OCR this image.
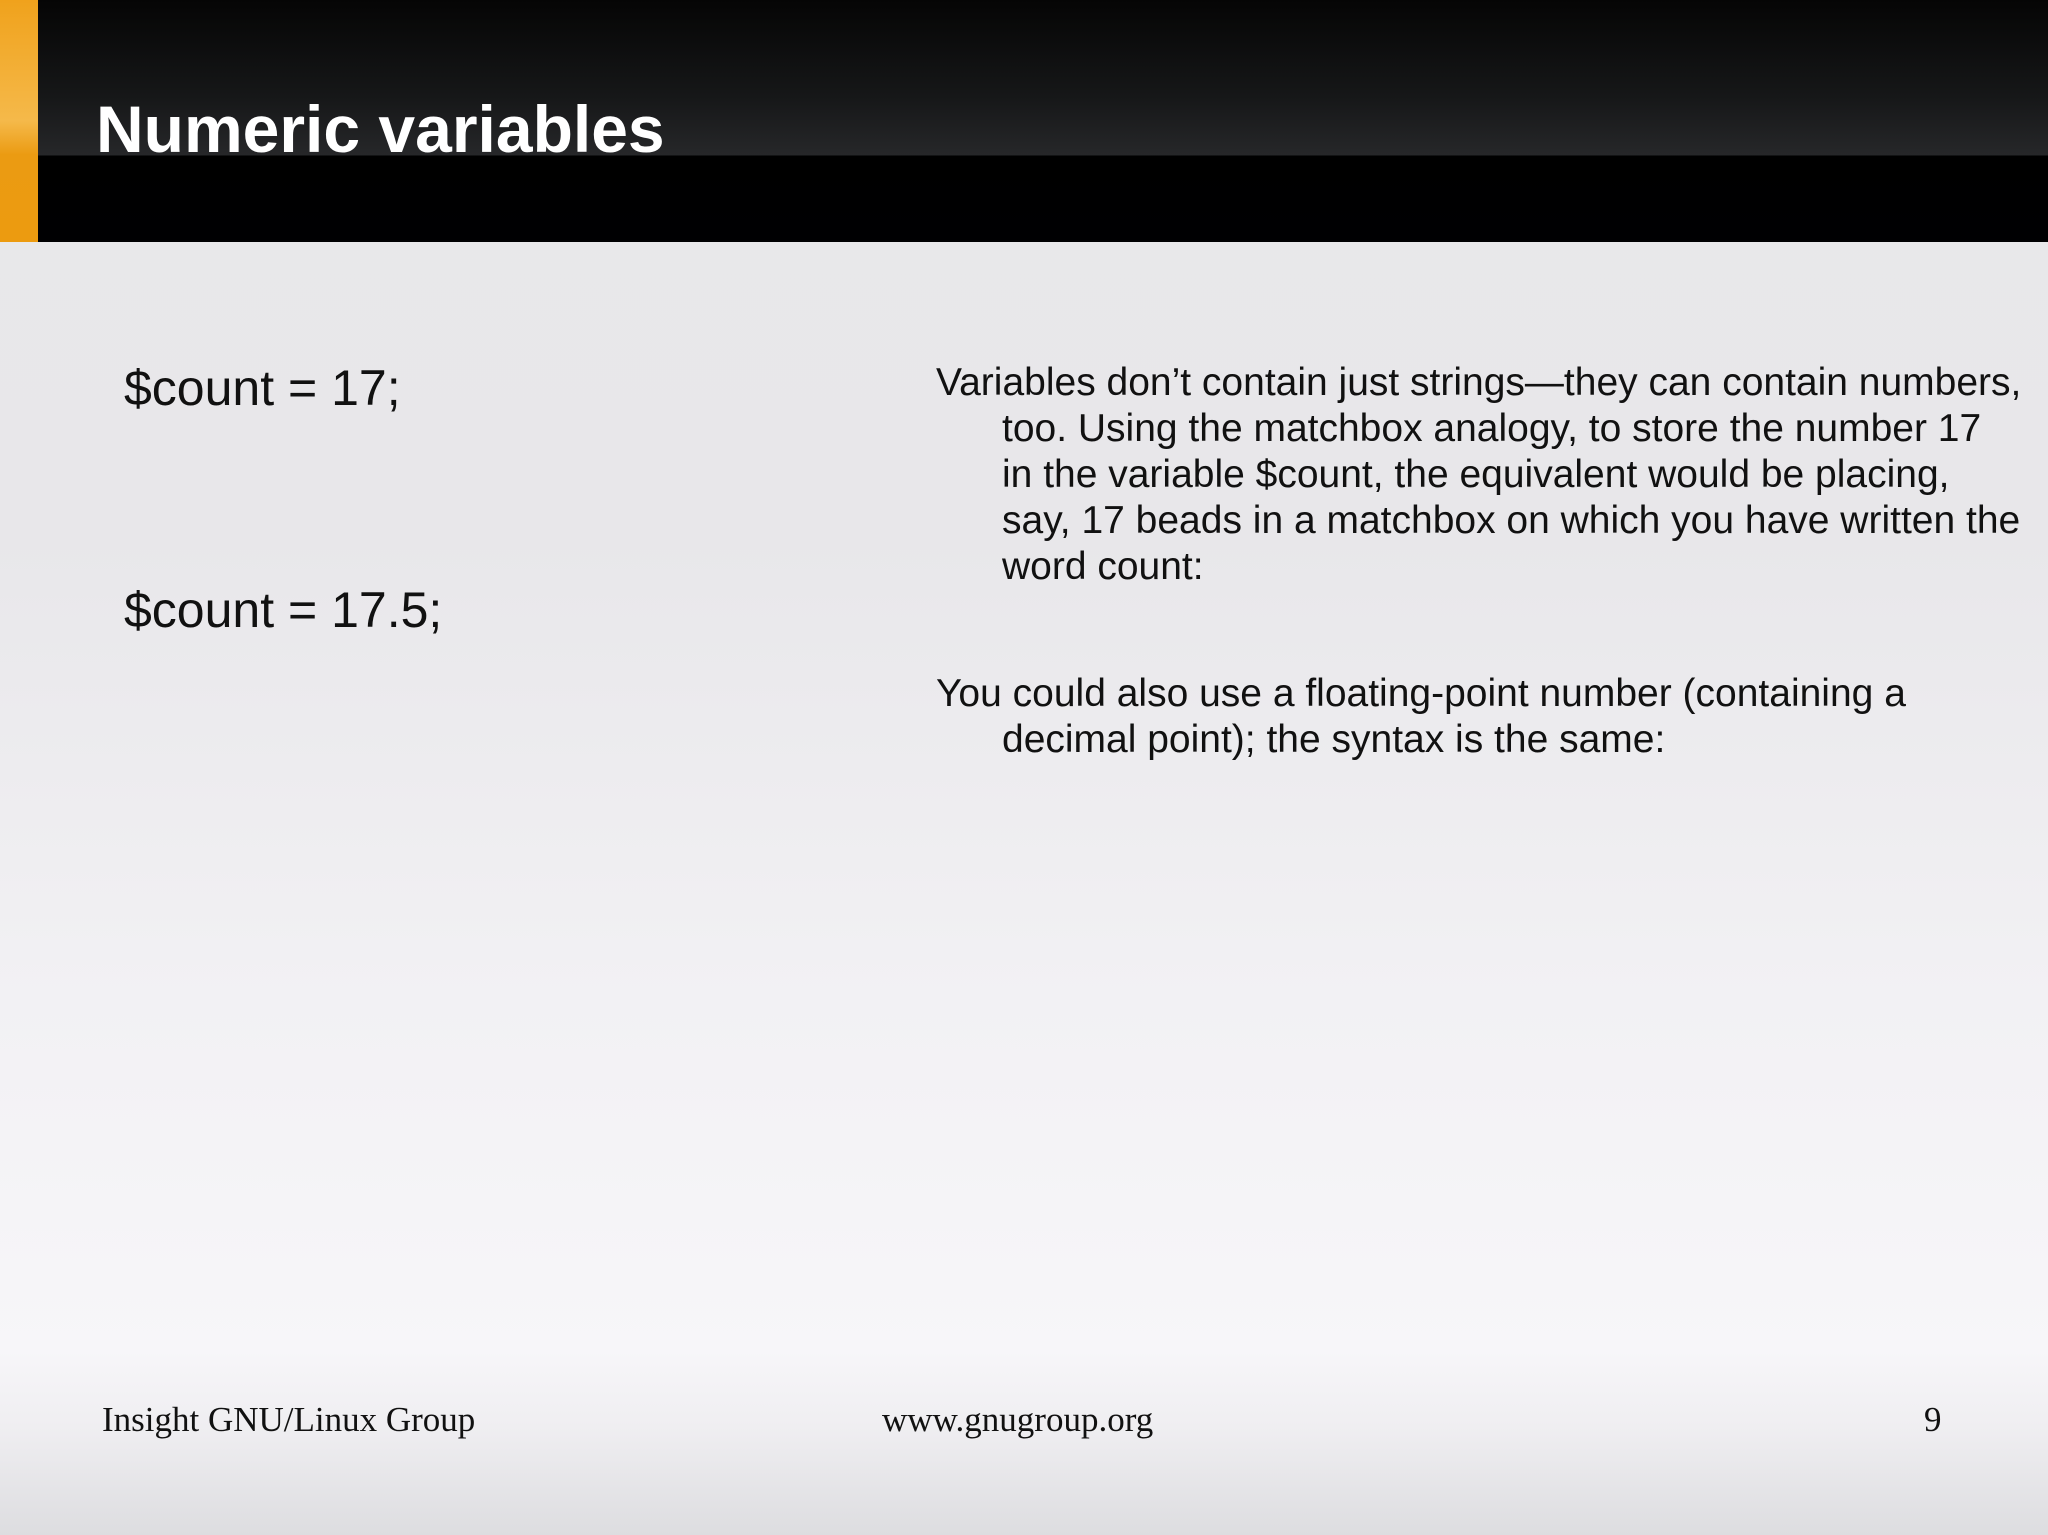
Numeric variables
$count = 17;
$count = 17.5;

Variables don’t contain just strings—they can contain numbers, too. Using the matchbox analogy, to store the number 17 in the variable $count, the equivalent would be placing, say, 17 beads in a matchbox on which you have written the word count:

You could also use a floating-point number (containing a decimal point); the syntax is the same:

Insight GNU/Linux Group	www.gnugroup.org	9
